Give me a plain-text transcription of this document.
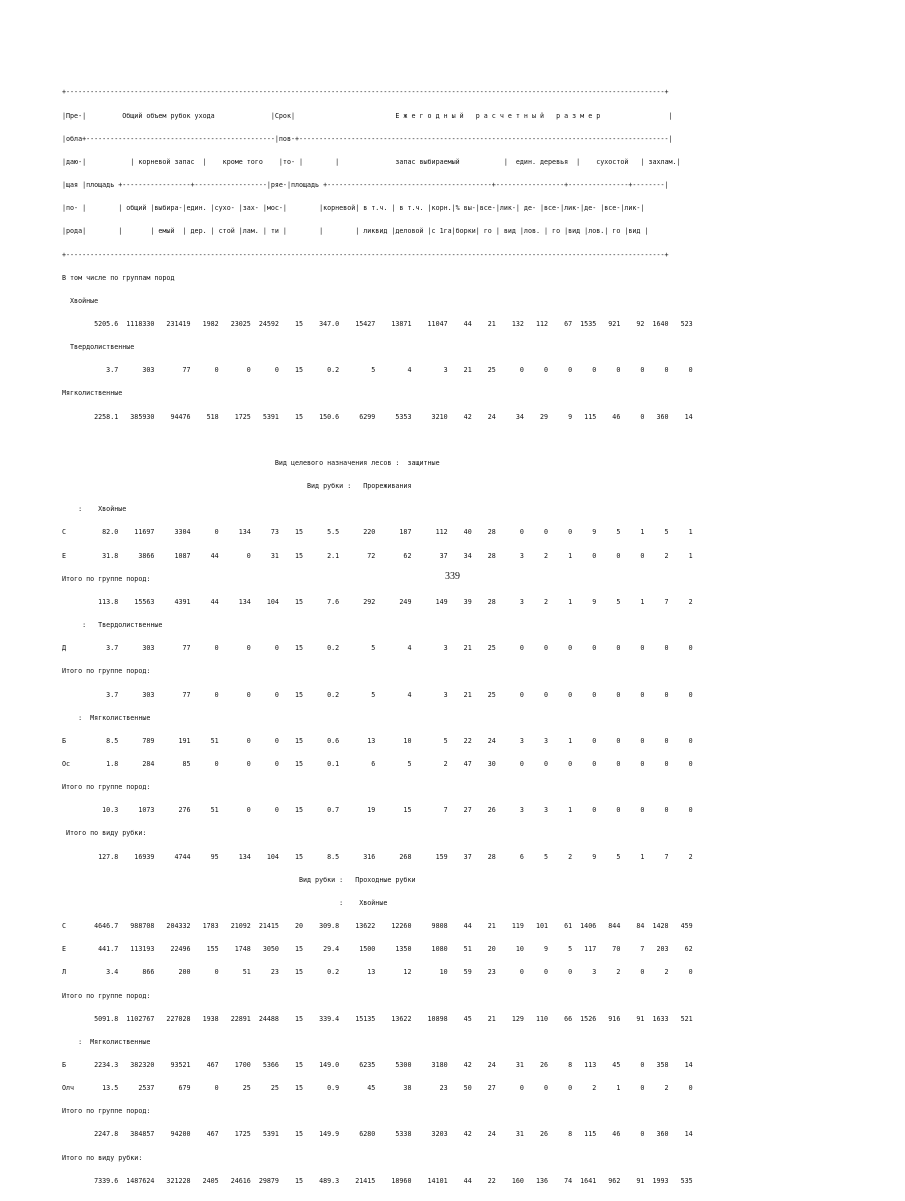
+-----------------------------------------------------------------------------------------------------------------------------------------------------+

|Пре-|         Общий объем рубок ухода              |Срок|                         Е ж е г о д н ы й   р а с ч е т н ы й   р а з м е р                 |

|обла+-----------------------------------------------|пов-+--------------------------------------------------------------------------------------------|

|даю-|           | корневой запас  |    кроме того    |то- |        |              запас выбираемый           |  един. деревья  |    сухостой   | захлам.|

|щая |площадь +-----------------+------------------|ряе-|площадь +-----------------------------------------+-----------------+---------------+--------|

|по- |        | общий |выбира-|един. |сухо- |зах- |мос-|        |корневой| в т.ч. | в т.ч. |корн.|% вы-|все-|лик-| де- |все-|лик-|де- |все-|лик-|

|рода|        |       | емый  | дер. | стой |лам. | ти |        |        | ликвид |деловой |с 1га|борки| го | вид |лов. | го |вид |лов.| го |вид |

+-----------------------------------------------------------------------------------------------------------------------------------------------------+

В том числе по группам пород

Хвойные

5205.6  1118330   231419   1982   23025  24592    15    347.0    15427    13871    11047    44    21    132   112    67  1535   921    92  1640   523

Твердолиственные

3.7      303       77      0       0      0    15      0.2        5        4        3    21    25      0     0     0     0     0     0     0     0

Мягколиственные

2258.1   385930    94476    518    1725   5391    15    150.6     6299     5353     3210    42    24     34    29     9   115    46     0   360    14

Вид целевого назначения лесов :  защитные

Вид рубки :   Прореживания

:    Хвойные

С         82.0    11697     3304      0     134     73    15      5.5      220      187      112    40    28      0     0     0     9     5     1     5     1

Е         31.8     3866     1087     44       0     31    15      2.1       72       62       37    34    28      3     2     1     0     0     0     2     1

Итого по группе пород:

113.8    15563     4391     44     134    104    15      7.6      292      249      149    39    28      3     2     1     9     5     1     7     2

:   Твердолиственные

Д          3.7      303       77      0       0      0    15      0.2        5        4        3    21    25      0     0     0     0     0     0     0     0

Итого по группе пород:

3.7      303       77      0       0      0    15      0.2        5        4        3    21    25      0     0     0     0     0     0     0     0

:  Мягколиственные

Б          8.5      789      191     51       0      0    15      0.6       13       10        5    22    24      3     3     1     0     0     0     0     0

Ос         1.8      284       85      0       0      0    15      0.1        6        5        2    47    30      0     0     0     0     0     0     0     0

Итого по группе пород:

10.3     1073      276     51       0      0    15      0.7       19       15        7    27    26      3     3     1     0     0     0     0     0

Итого по виду рубки:

127.8    16939     4744     95     134    104    15      8.5      316      268      159    37    28      6     5     2     9     5     1     7     2

Вид рубки :   Проходные рубки

:    Хвойные

С       4646.7   988708   204332   1783   21092  21415    20    309.8    13622    12260     9808    44    21    119   101    61  1406   844    84  1428   459

Е        441.7   113193    22496    155    1748   3050    15     29.4     1500     1350     1080    51    20     10     9     5   117    70     7   203    62

Л          3.4      866      200      0      51     23    15      0.2       13       12       10    59    23      0     0     0     3     2     0     2     0

Итого по группе пород:

5091.8  1102767   227028   1938   22891  24488    15    339.4    15135    13622    10898    45    21    129   110    66  1526   916    91  1633   521

:  Мягколиственные

Б       2234.3   382320    93521    467    1700   5366    15    149.0     6235     5300     3180    42    24     31    26     8   113    45     0   358    14

Олч       13.5     2537      679      0      25     25    15      0.9       45       38       23    50    27      0     0     0     2     1     0     2     0

Итого по группе пород:

2247.8   384857    94200    467    1725   5391    15    149.9     6280     5338     3203    42    24     31    26     8   115    46     0   360    14

Итого по виду рубки:

7339.6  1487624   321228   2405   24616  29879    15    489.3    21415    18960    14101    44    22    160   136    74  1641   962    91  1993   535

339
